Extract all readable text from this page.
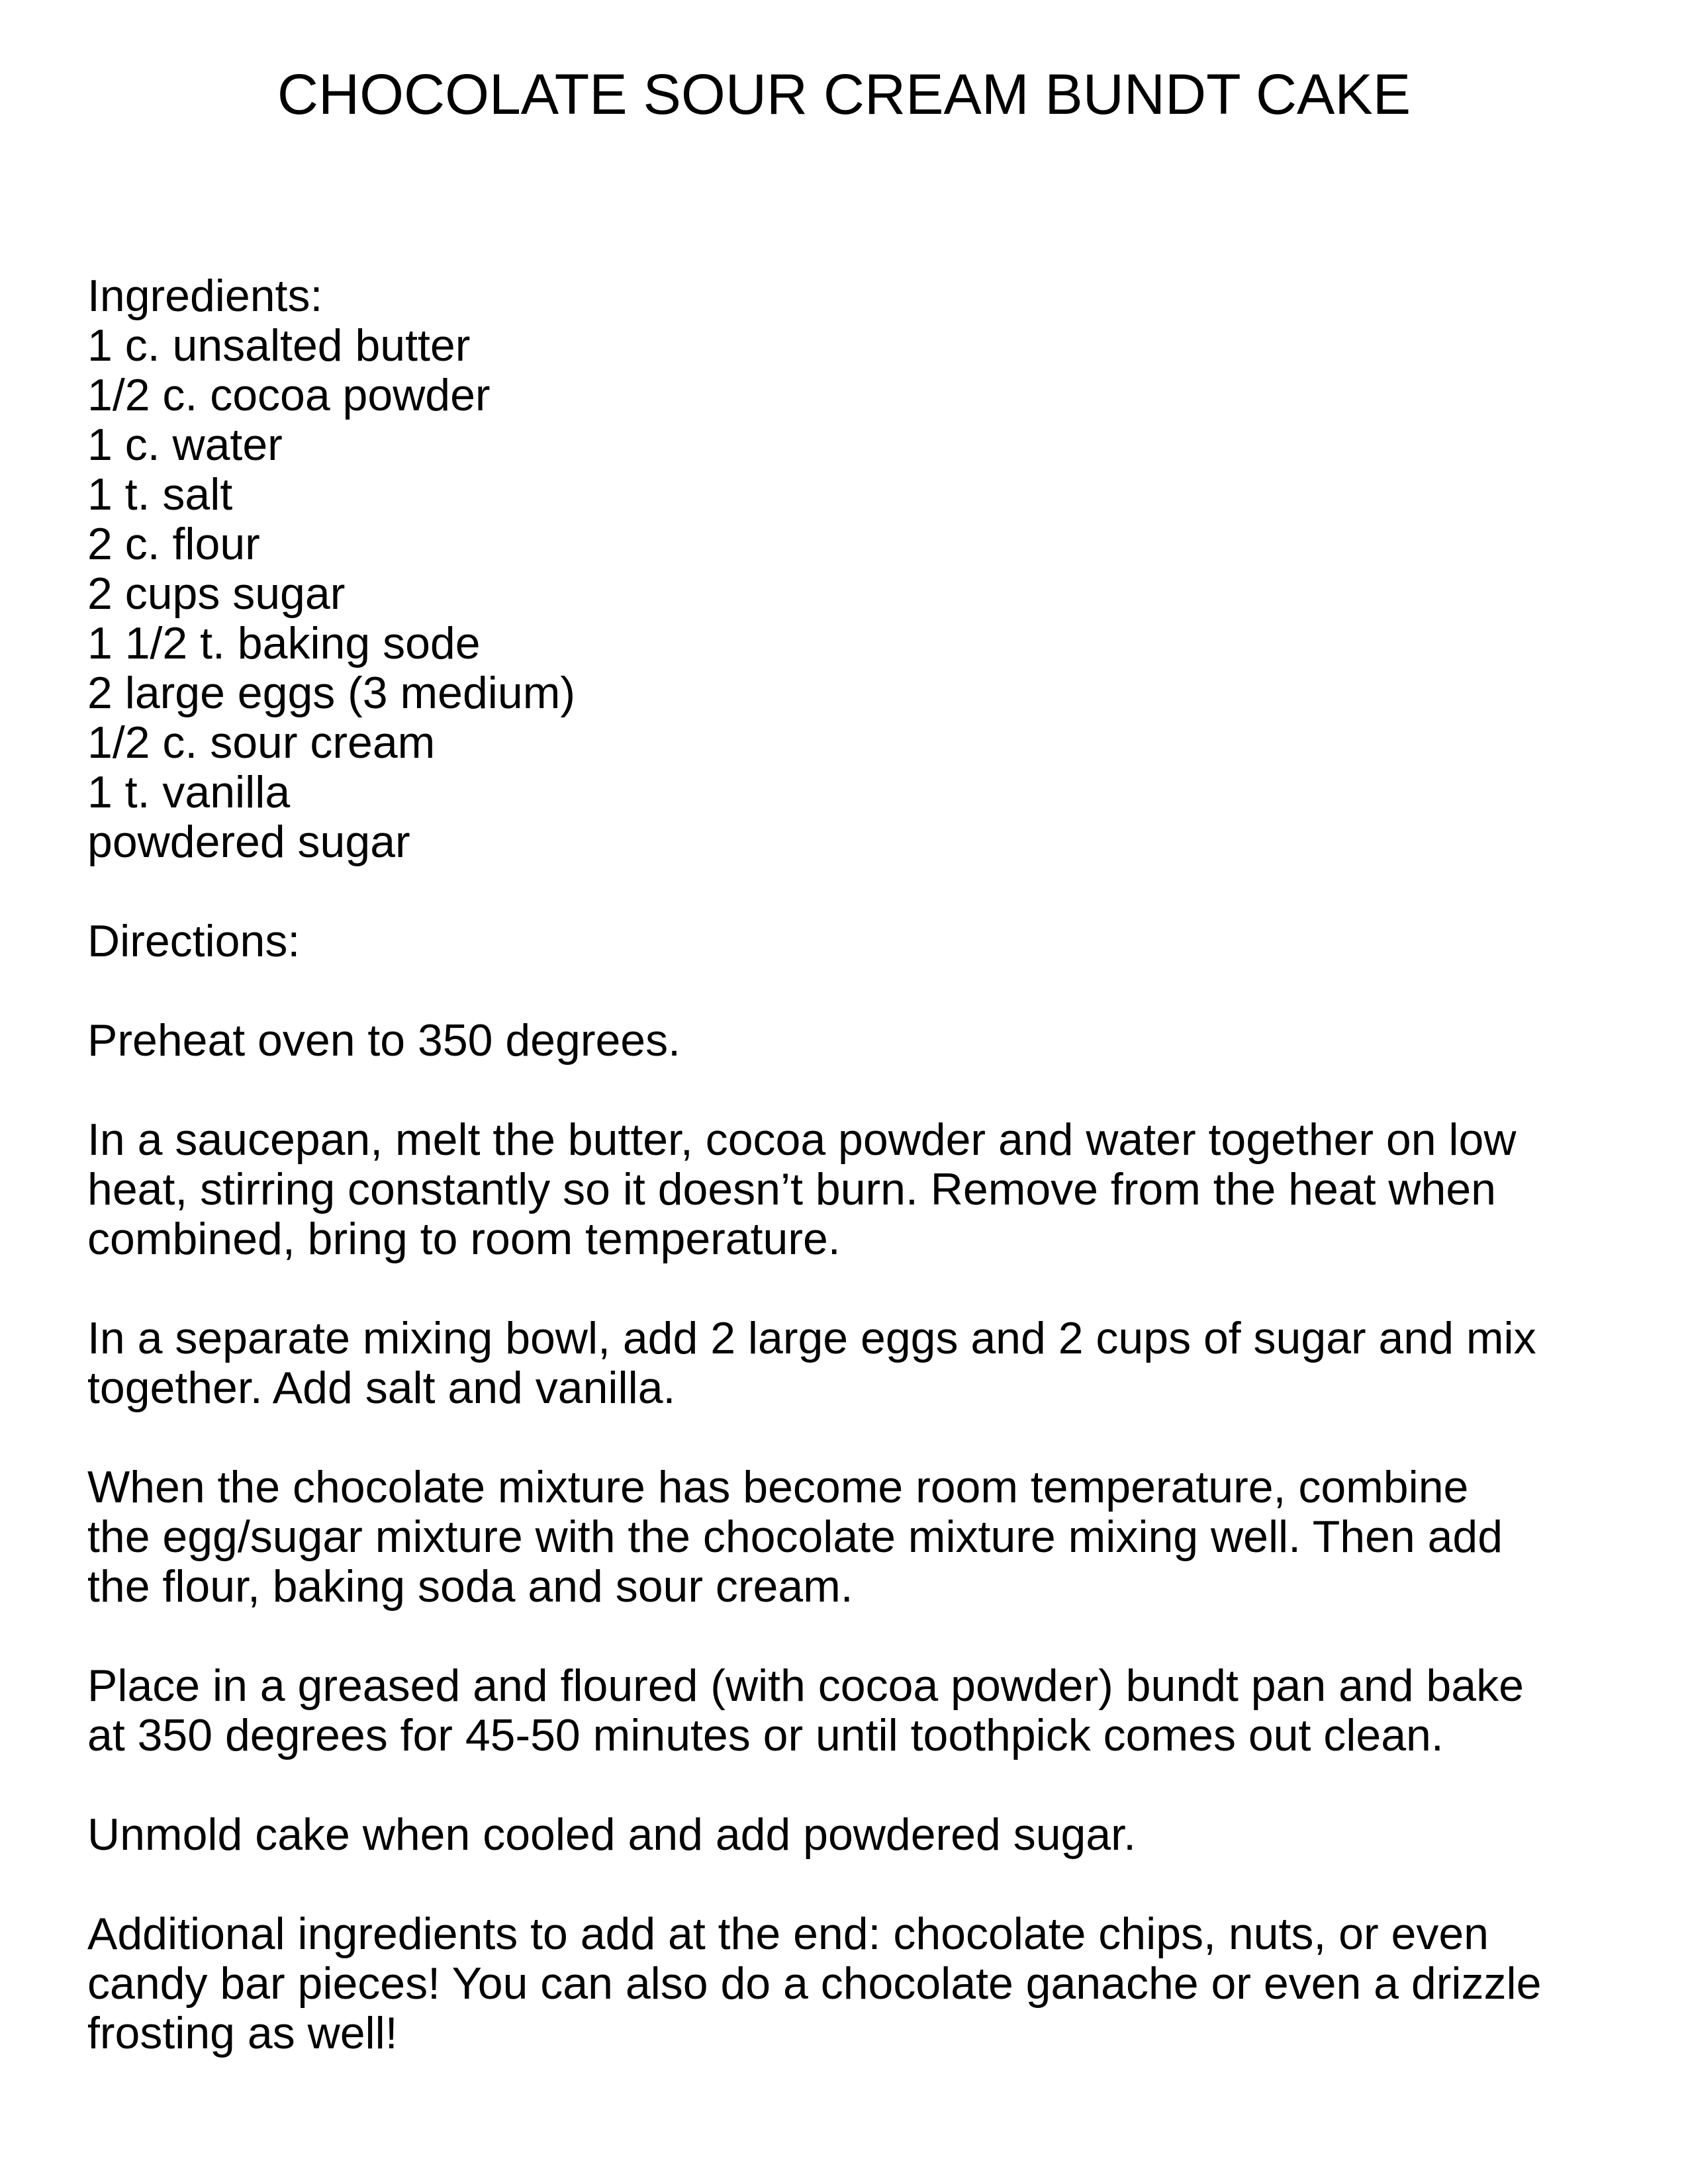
CHOCOLATE SOUR CREAM BUNDT CAKE
Ingredients:
1 c. unsalted butter
1/2 c. cocoa powder
1 c. water
1 t. salt
2 c. flour
2 cups sugar
1 1/2 t. baking sode
2 large eggs (3 medium)
1/2 c. sour cream
1 t. vanilla
powdered sugar
Directions:
Preheat oven to 350 degrees.
In a saucepan, melt the butter, cocoa powder and water together on low
heat, stirring constantly so it doesn’t burn. Remove from the heat when
combined, bring to room temperature.
In a separate mixing bowl, add 2 large eggs and 2 cups of sugar and mix
together. Add salt and vanilla.
When the chocolate mixture has become room temperature, combine
the egg/sugar mixture with the chocolate mixture mixing well. Then add
the flour, baking soda and sour cream.
Place in a greased and floured (with cocoa powder) bundt pan and bake
at 350 degrees for 45-50 minutes or until toothpick comes out clean.
Unmold cake when cooled and add powdered sugar.
Additional ingredients to add at the end: chocolate chips, nuts, or even
candy bar pieces! You can also do a chocolate ganache or even a drizzle
frosting as well!
